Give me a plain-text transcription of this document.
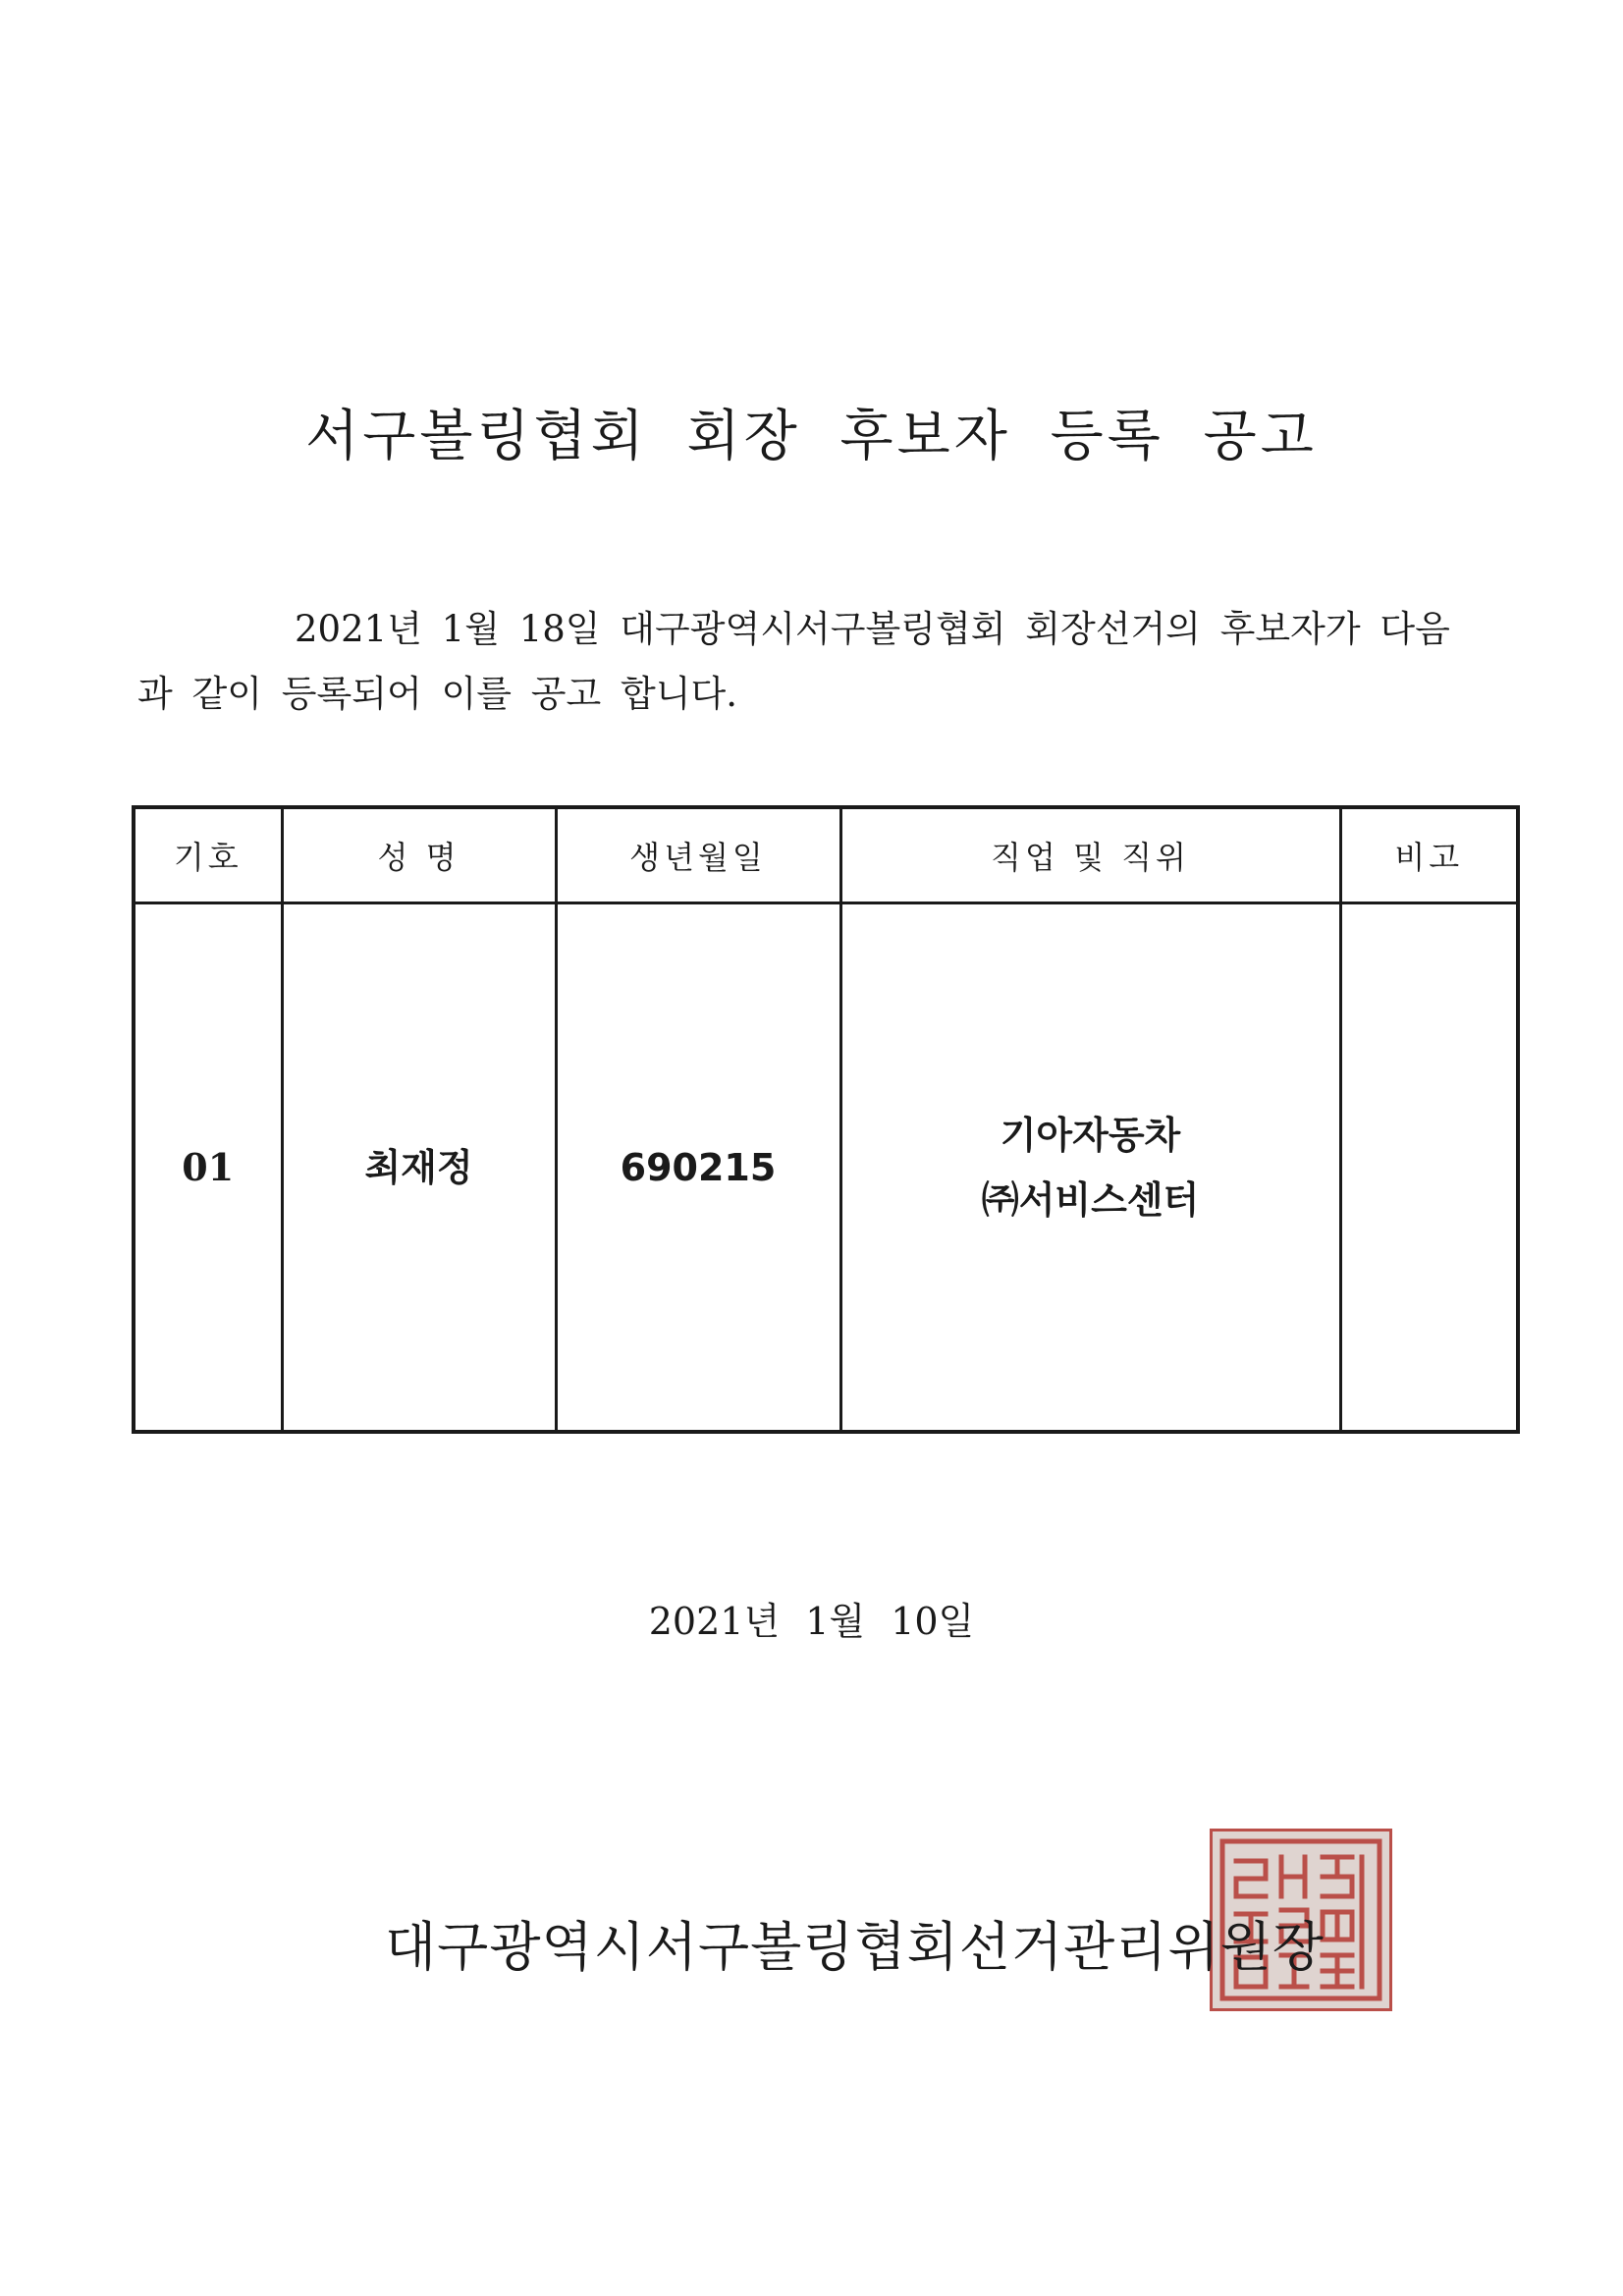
서구볼링협회 회장 후보자 등록 공고
2021년 1월 18일 대구광역시서구볼링협회 회장선거의 후보자가 다음
과 같이 등록되어 이를 공고 합니다.
기호	성 명	생년월일	직업 및 직위	비고
01	최재정	690215	기아자동차
㈜서비스센터	

2021년 1월 10일
대구광역시서구볼링협회선거관리위원장
